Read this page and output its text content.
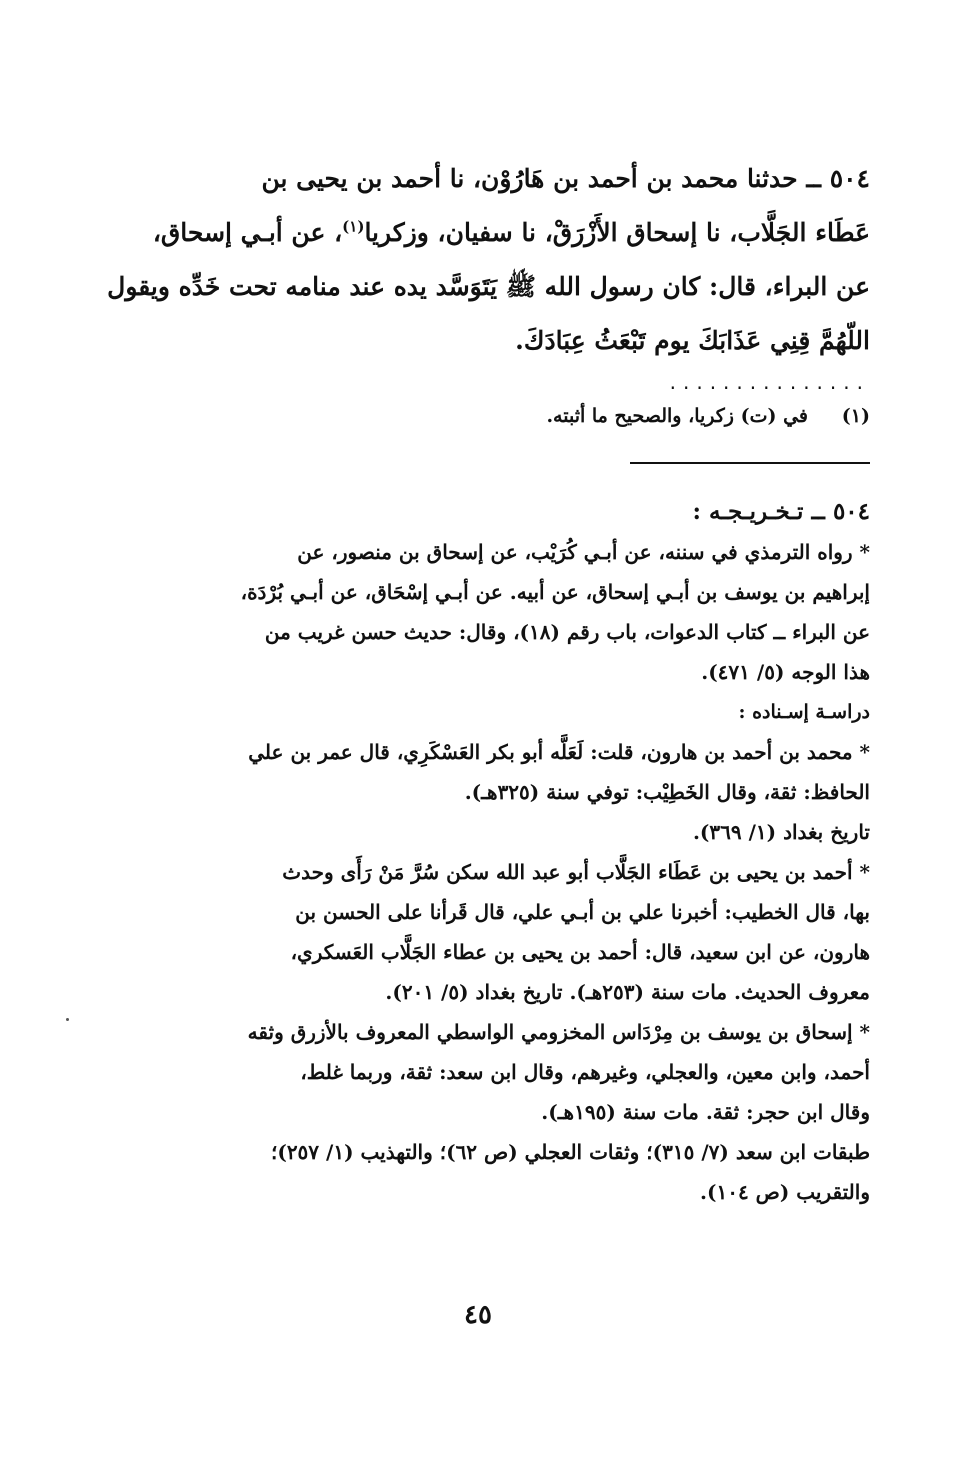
٥٠٤ ــ حدثنا محمد بن أحمد بن هَارُوْن، نا أحمد بن يحيى بن
عَطَاء الجَلَّاب، نا إسحاق الأَزْرَقْ، نا سفيان، وزكريا$^{(١)}$، عن أبـي إسحاق،
عن البراء، قال: كان رسول الله ﷺ يَتَوَسَّد يده عند منامه تحت خَدِّه ويقول
اللّهُمَّ قِنِي عَذَابَكَ يوم تَبْعَثُ عِبَادَكَ.
...............
(١)في (ت) زكريا، والصحيح ما أثبته.
٥٠٤ ــ تـخـريـجـه :
* رواه الترمذي في سننه، عن أبـي كُرَيْب، عن إسحاق بن منصور، عن
إبراهيم بن يوسف بن أبـي إسحاق، عن أبيه. عن أبـي إسْحَاق، عن أبـي بُرْدَة،
عن البراء ــ كتاب الدعوات، باب رقم (١٨)، وقال: حديث حسن غريب من
هذا الوجه (٥/ ٤٧١).
دراسـة إسـناده :
* محمد بن أحمد بن هارون، قلت: لَعَلَّه أبو بكر العَسْكَرِي، قال عمر بن علي
الحافظ: ثقة، وقال الخَطِيْب: توفي سنة (٣٢٥هـ).
تاريخ بغداد (١/ ٣٦٩).
* أحمد بن يحيى بن عَطَاء الجَلَّاب أبو عبد الله سكن سُرَّ مَنْ رَأَى وحدث
بها، قال الخطيب: أخبرنا علي بن أبـي علي، قال قَرأنا على الحسن بن
هارون، عن ابن سعيد، قال: أحمد بن يحيى بن عطاء الجَلَّاب العَسكري،
معروف الحديث. مات سنة (٢٥٣هـ). تاريخ بغداد (٥/ ٢٠١).
* إسحاق بن يوسف بن مِرْدَاس المخزومي الواسطي المعروف بالأزرق وثقه
أحمد، وابن معين، والعجلي، وغيرهم، وقال ابن سعد: ثقة، وربما غلط،
وقال ابن حجر: ثقة. مات سنة (١٩٥هـ).
طبقات ابن سعد (٧/ ٣١٥)؛ وثقات العجلي (ص ٦٢)؛ والتهذيب (١/ ٢٥٧)؛
والتقريب (ص ١٠٤).
٤٥
